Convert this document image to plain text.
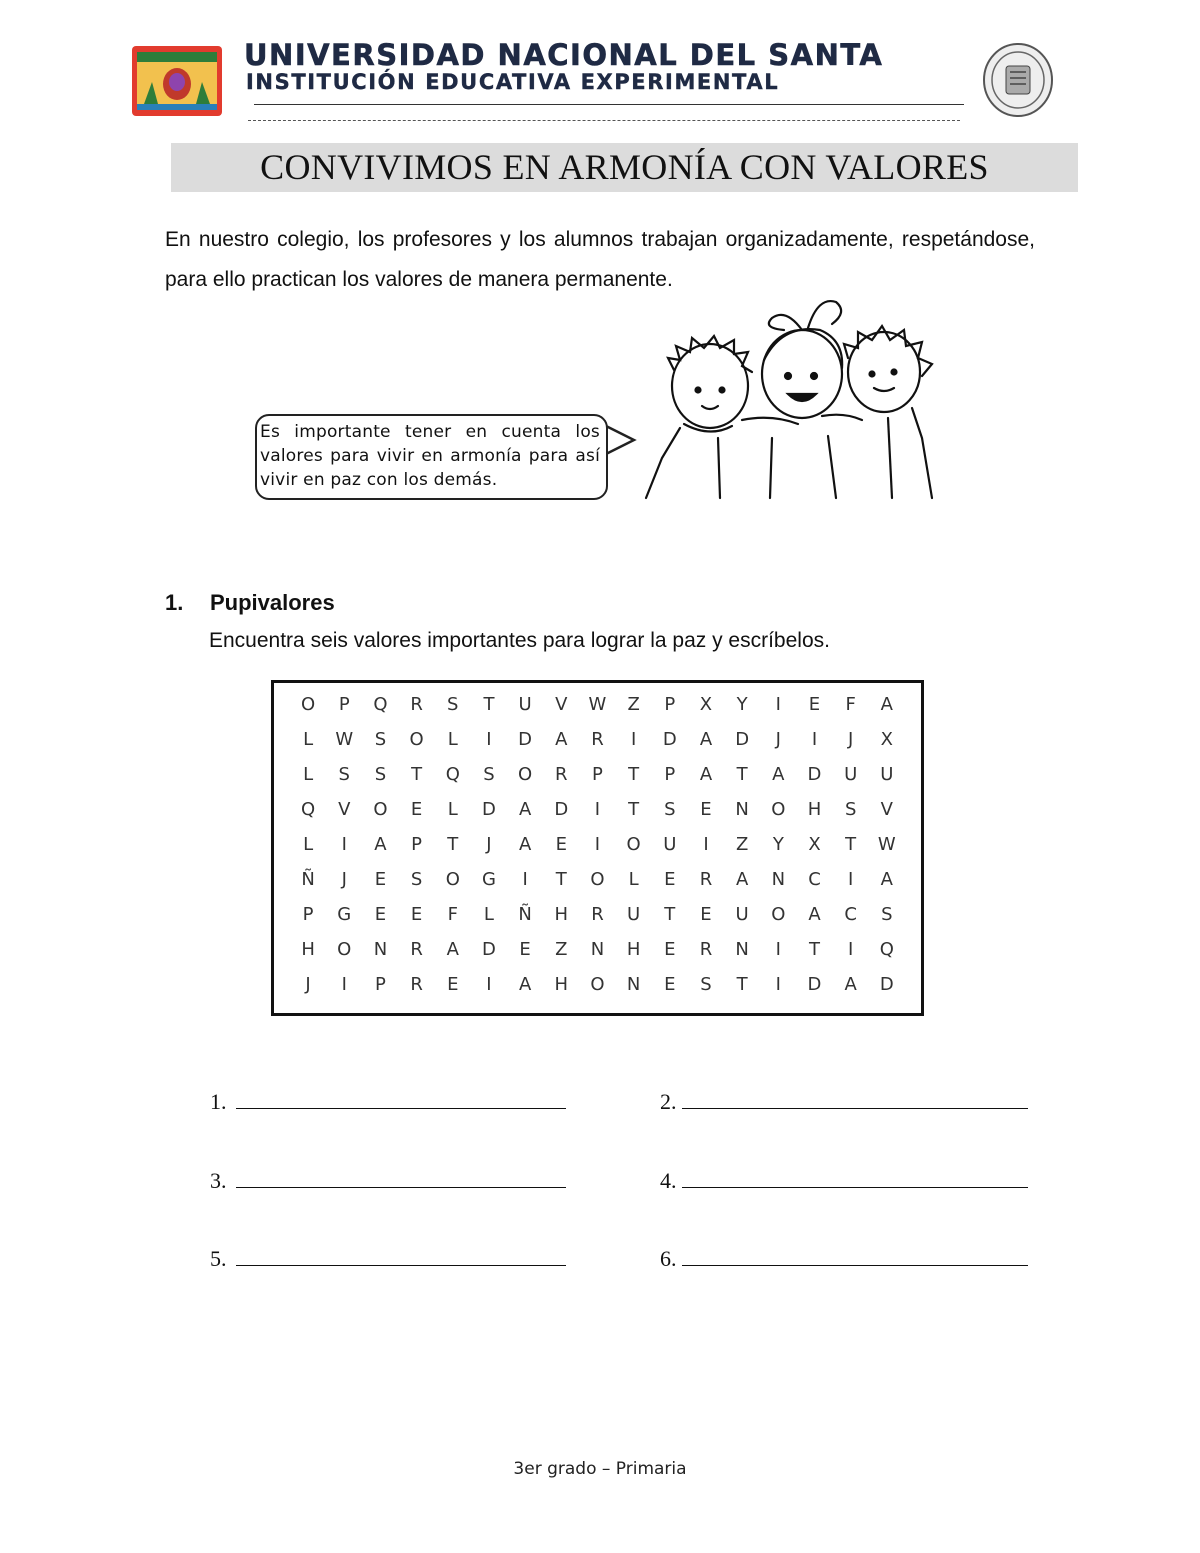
UNIVERSIDAD NACIONAL DEL SANTA
INSTITUCIÓN EDUCATIVA EXPERIMENTAL
CONVIVIMOS EN ARMONÍA CON VALORES
En nuestro colegio, los profesores y los alumnos trabajan organizadamente, respetándose, para ello practican los valores de manera permanente.
Es importante tener en cuenta los valores para vivir en armonía para así vivir en paz con los demás.
1. Pupivalores
Encuentra seis valores importantes para lograr la paz y escríbelos.
O	P	Q	R	S	T	U	V	W	Z	P	X	Y	I	E	F	A
L	W	S	O	L	I	D	A	R	I	D	A	D	J	I	J	X
L	S	S	T	Q	S	O	R	P	T	P	A	T	A	D	U	U
Q	V	O	E	L	D	A	D	I	T	S	E	N	O	H	S	V
L	I	A	P	T	J	A	E	I	O	U	I	Z	Y	X	T	W
Ñ	J	E	S	O	G	I	T	O	L	E	R	A	N	C	I	A
P	G	E	E	F	L	Ñ	H	R	U	T	E	U	O	A	C	S
H	O	N	R	A	D	E	Z	N	H	E	R	N	I	T	I	Q
J	I	P	R	E	I	A	H	O	N	E	S	T	I	D	A	D
1.	2.
3.	4.
5.	6.
3er grado – Primaria
